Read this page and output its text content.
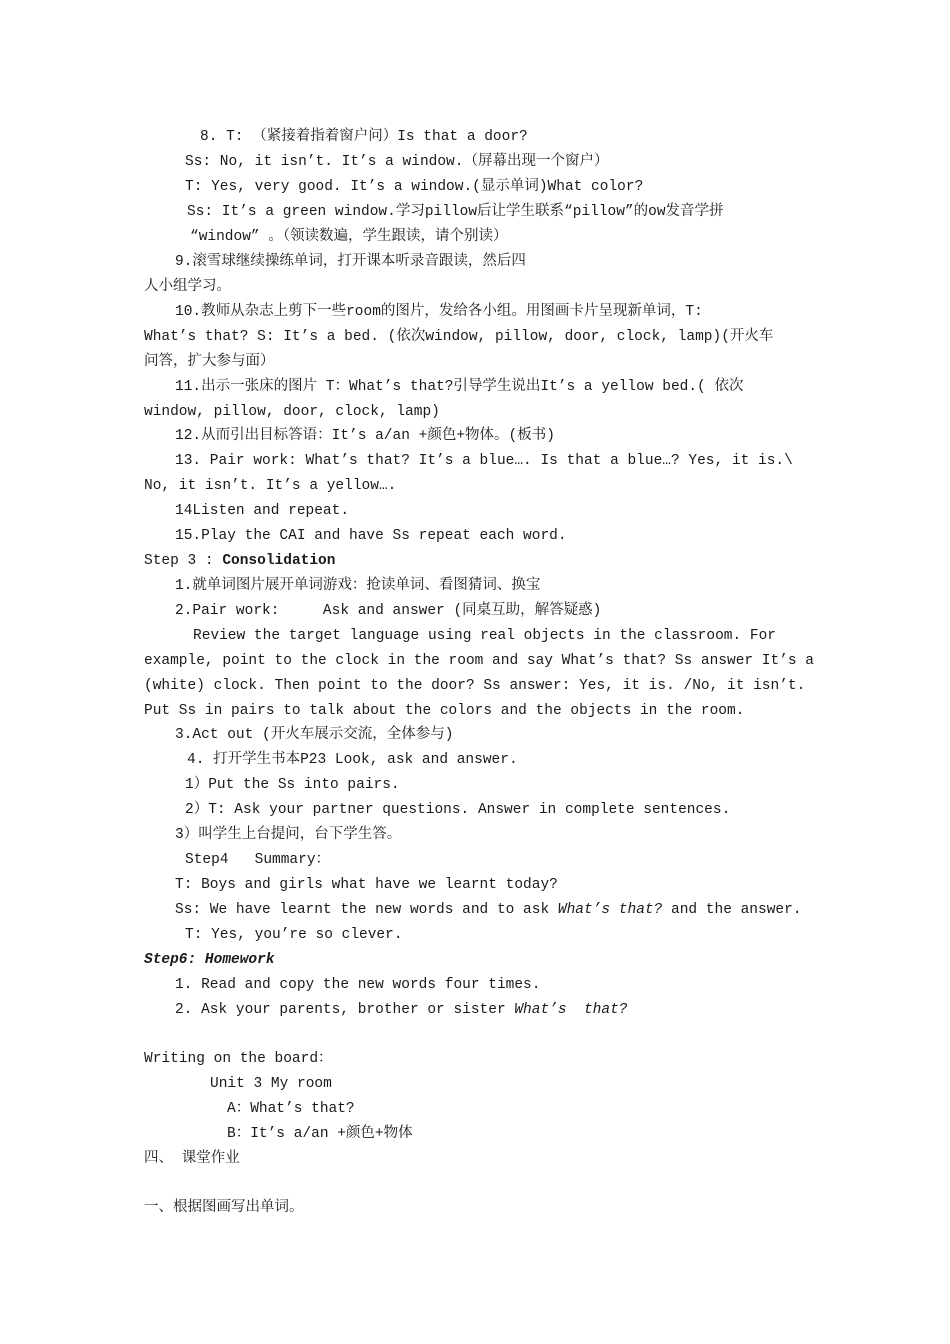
8. T: （紧接着指着窗户问）Is that a door?
Ss: No, it isn’t. It’s a window.（屏幕出现一个窗户）
T: Yes, very good. It’s a window.(显示单词)What color?
Ss: It’s a green window.学习pillow后让学生联系“pillow”的ow发音学拼
“window” 。（领读数遍，学生跟读，请个别读）
9.滚雪球继续操练单词，打开课本听录音跟读，然后四
人小组学习。
10.教师从杂志上剪下一些room的图片，发给各小组。用图画卡片呈现新单词，T:
What’s that? S: It’s a bed. (依次window, pillow, door, clock, lamp)(开火车
问答，扩大参与面）
11.出示一张床的图片 T：What’s that?引导学生说出It’s a yellow bed.( 依次
window, pillow, door, clock, lamp)
12.从而引出目标答语：It’s a/an +颜色+物体。(板书)
13. Pair work: What’s that? It’s a blue…. Is that a blue…? Yes, it is.\
No, it isn’t. It’s a yellow….
14Listen and repeat.
15.Play the CAI and have Ss repeat each word.
Step 3 : Consolidation
1.就单词图片展开单词游戏：抢读单词、看图猜词、换宝
2.Pair work:     Ask and answer (同桌互助，解答疑惑)
Review the target language using real objects in the classroom. For
example, point to the clock in the room and say What’s that? Ss answer It’s a
(white) clock. Then point to the door? Ss answer: Yes, it is. /No, it isn’t.
Put Ss in pairs to talk about the colors and the objects in the room.
3.Act out (开火车展示交流，全体参与)
4. 打开学生书本P23 Look, ask and answer.
1）Put the Ss into pairs.
2）T: Ask your partner questions. Answer in complete sentences.
3）叫学生上台提问，台下学生答。
Step4   Summary：
T: Boys and girls what have we learnt today?
Ss: We have learnt the new words and to ask What’s that? and the answer.
T: Yes, you’re so clever.
Step6: Homework
1. Read and copy the new words four times.
2. Ask your parents, brother or sister What’s  that?
Writing on the board：
Unit 3 My room
A：What’s that?
B：It’s a/an +颜色+物体
四、 课堂作业
一、根据图画写出单词。
